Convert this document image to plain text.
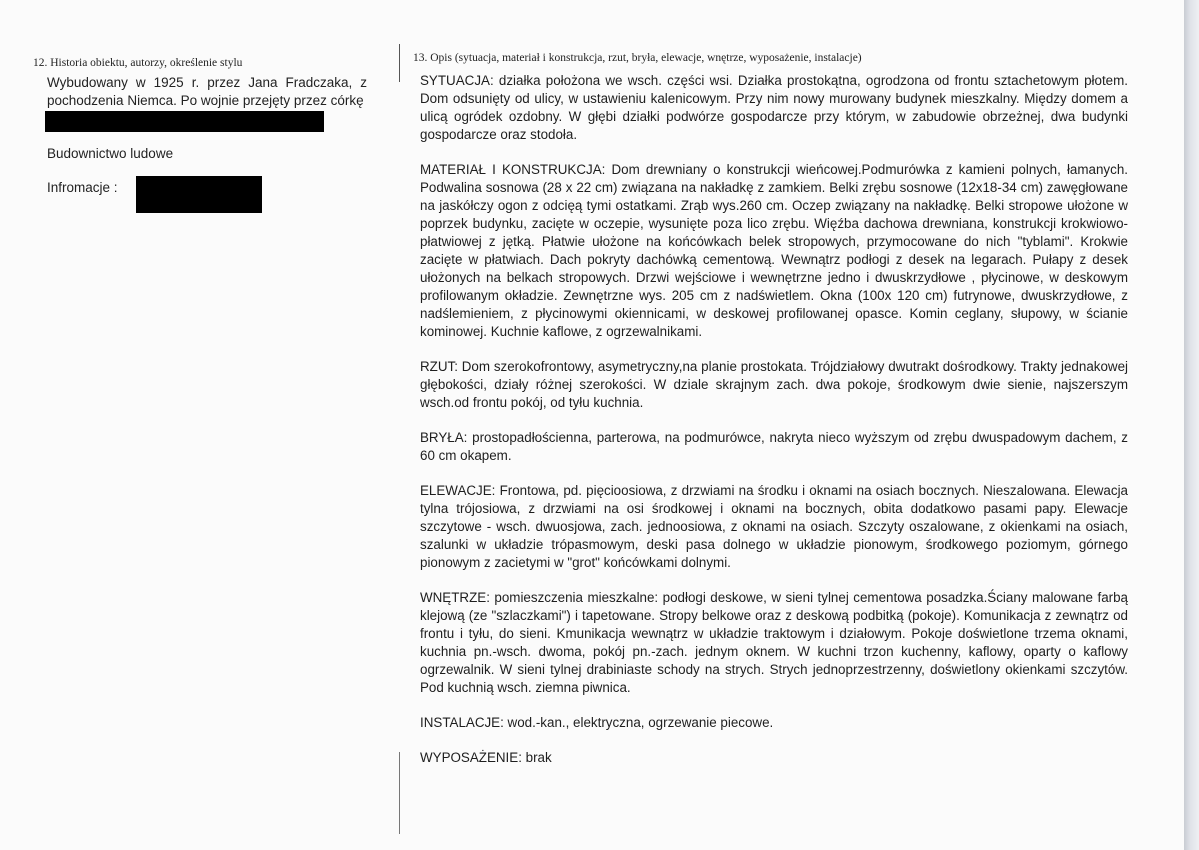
12. Historia obiektu, autorzy, określenie stylu
Wybudowany w 1925 r. przez Jana Fradczaka, z pochodzenia Niemca. Po wojnie przejęty przez córkę
Budownictwo ludowe
Infromacje :
13. Opis (sytuacja, materiał i konstrukcja, rzut, bryła, elewacje, wnętrze, wyposażenie, instalacje)

SYTUACJA: działka położona we wsch. części wsi. Działka prostokątna, ogrodzona od frontu sztachetowym płotem. Dom odsunięty od ulicy, w ustawieniu kalenicowym. Przy nim nowy murowany budynek mieszkalny. Między domem a ulicą ogródek ozdobny. W głębi działki podwórze gospodarcze przy którym, w zabudowie obrzeżnej, dwa budynki gospodarcze oraz stodoła.

MATERIAŁ I KONSTRUKCJA: Dom drewniany o konstrukcji wieńcowej.Podmurówka z kamieni polnych, łamanych. Podwalina sosnowa (28 x 22 cm) związana na nakładkę z zamkiem. Belki zrębu sosnowe (12x18-34 cm) zawęgłowane na jaskółczy ogon z odcięą tymi ostatkami. Zrąb wys.260 cm. Oczep związany na nakładkę. Belki stropowe ułożone w poprzek budynku, zacięte w oczepie, wysunięte poza lico zrębu. Więźba dachowa drewniana, konstrukcji krokwiowo-płatwiowej z jętką. Płatwie ułożone na końcówkach belek stropowych, przymocowane do nich "tyblami". Krokwie zacięte w płatwiach. Dach pokryty dachówką cementową. Wewnątrz podłogi z desek na legarach. Pułapy z desek ułożonych na belkach stropowych. Drzwi wejściowe i wewnętrzne jedno i dwuskrzydłowe , płycinowe, w deskowym profilowanym okładzie. Zewnętrzne wys. 205 cm z nadświetlem. Okna (100x 120 cm) futrynowe, dwuskrzydłowe, z nadślemieniem, z płycinowymi okiennicami, w deskowej profilowanej opasce. Komin ceglany, słupowy, w ścianie kominowej. Kuchnie kaflowe, z ogrzewalnikami.

RZUT: Dom szerokofrontowy, asymetryczny,na planie prostokata. Trójdziałowy dwutrakt dośrodkowy. Trakty jednakowej głębokości, działy różnej szerokości. W dziale skrajnym zach. dwa pokoje, środkowym dwie sienie, najszerszym wsch.od frontu pokój, od tyłu kuchnia.

BRYŁA: prostopadłościenna, parterowa, na podmurówce, nakryta nieco wyższym od zrębu dwuspadowym dachem, z 60 cm okapem.

ELEWACJE: Frontowa, pd. pięcioosiowa, z drzwiami na środku i oknami na osiach bocznych. Nieszalowana. Elewacja tylna trójosiowa, z drzwiami na osi środkowej i oknami na bocznych, obita dodatkowo pasami papy. Elewacje szczytowe - wsch. dwuosjowa, zach. jednoosiowa, z oknami na osiach. Szczyty oszalowane, z okienkami na osiach, szalunki w układzie trópasmowym, deski pasa dolnego w układzie pionowym, środkowego poziomym, górnego pionowym z zacietymi w "grot" końcówkami dolnymi.

WNĘTRZE: pomieszczenia mieszkalne: podłogi deskowe, w sieni tylnej cementowa posadzka.Ściany malowane farbą klejową (ze "szlaczkami") i tapetowane. Stropy belkowe oraz z deskową podbitką (pokoje). Komunikacja z zewnątrz od frontu i tyłu, do sieni. Kmunikacja wewnątrz w układzie traktowym i działowym. Pokoje doświetlone trzema oknami, kuchnia pn.-wsch. dwoma, pokój pn.-zach. jednym oknem. W kuchni trzon kuchenny, kaflowy, oparty o kaflowy ogrzewalnik. W sieni tylnej drabiniaste schody na strych. Strych jednoprzestrzenny, doświetlony okienkami szczytów. Pod kuchnią wsch. ziemna piwnica.

INSTALACJE: wod.-kan., elektryczna, ogrzewanie piecowe.

WYPOSAŻENIE: brak
